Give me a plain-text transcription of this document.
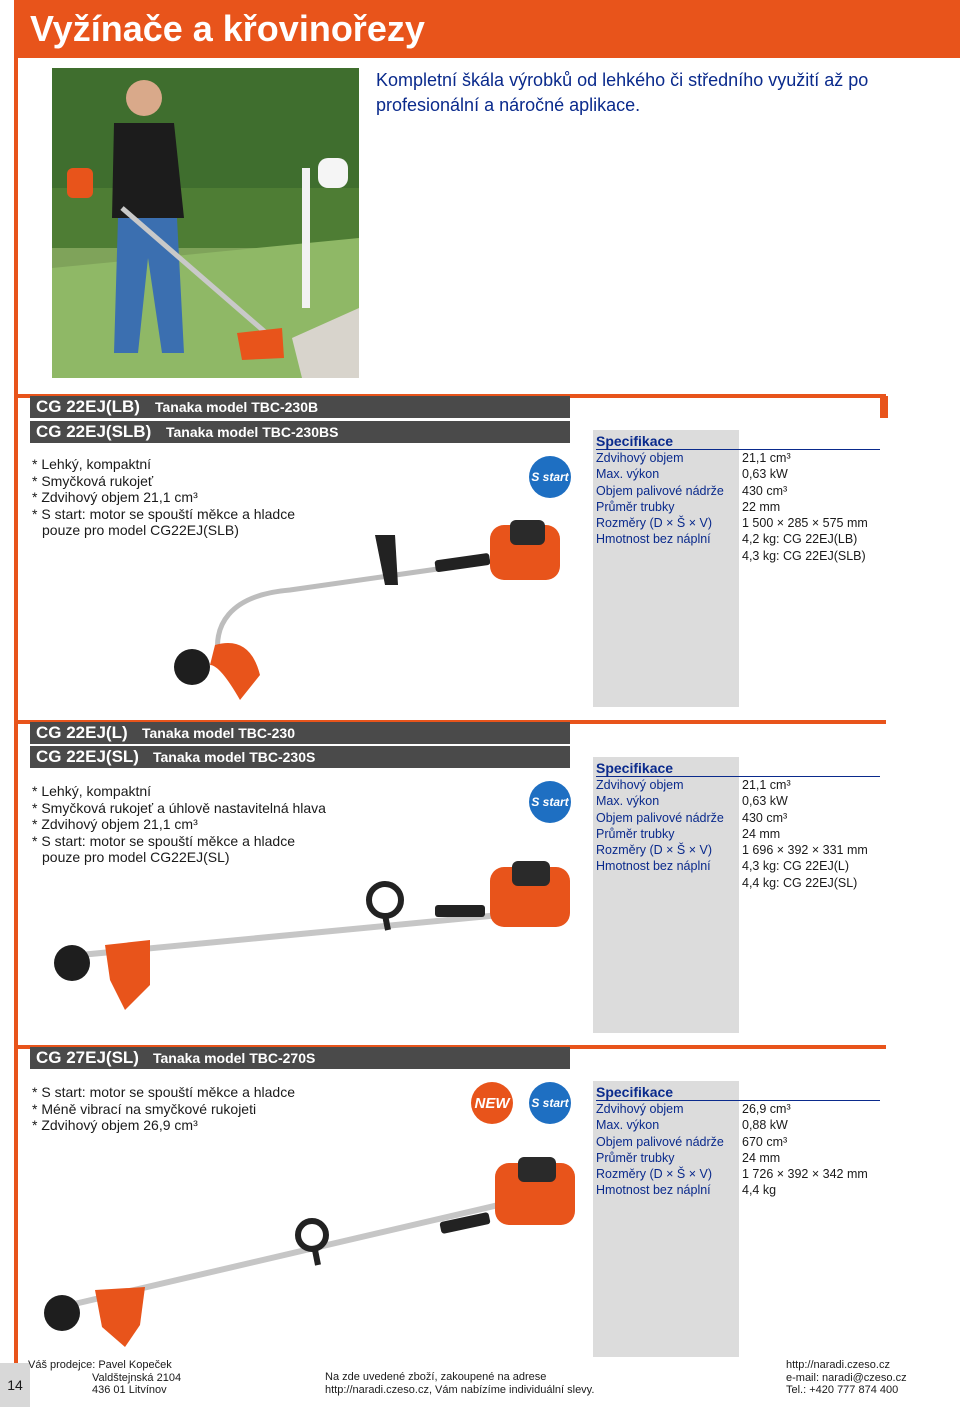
Vyžínače a křovinořezy
Kompletní škála výrobků od lehkého či středního využití až po profesionální a náročné aplikace.
CG 22EJ(LB) Tanaka model TBC-230B
CG 22EJ(SLB) Tanaka model TBC-230BS
* Lehký, kompaktní
* Smyčková rukojeť
* Zdvihový objem 21,1 cm³
* S start: motor se spouští měkce a hladce
pouze pro model CG22EJ(SLB)
S start
Specifikace
Zdvihový objem
Max. výkon
Objem palivové nádrže
Průměr trubky
Rozměry (D × Š × V)
Hmotnost bez náplní
21,1 cm³
0,63 kW
430 cm³
22 mm
1 500 × 285 × 575 mm
4,2 kg: CG 22EJ(LB)
4,3 kg: CG 22EJ(SLB)
CG 22EJ(L) Tanaka model TBC-230
CG 22EJ(SL) Tanaka model TBC-230S
* Lehký, kompaktní
* Smyčková rukojeť a úhlově nastavitelná hlava
* Zdvihový objem 21,1 cm³
* S start: motor se spouští měkce a hladce
pouze pro model CG22EJ(SL)
S start
Specifikace
Zdvihový objem
Max. výkon
Objem palivové nádrže
Průměr trubky
Rozměry (D × Š × V)
Hmotnost bez náplní
21,1 cm³
0,63 kW
430 cm³
24 mm
1 696 × 392 × 331 mm
4,3 kg: CG 22EJ(L)
4,4 kg: CG 22EJ(SL)
CG 27EJ(SL) Tanaka model TBC-270S
* S start: motor se spouští měkce a hladce
* Méně vibrací na smyčkové rukojeti
* Zdvihový objem 26,9 cm³
NEW S start
Specifikace
Zdvihový objem
Max. výkon
Objem palivové nádrže
Průměr trubky
Rozměry (D × Š × V)
Hmotnost bez náplní
26,9 cm³
0,88 kW
670 cm³
24 mm
1 726 × 392 × 342 mm
4,4 kg
14
Váš prodejce: Pavel Kopeček
Valdštejnská 2104
436 01 Litvínov
Na zde uvedené zboží, zakoupené na adrese
http://naradi.czeso.cz, Vám nabízíme individuální slevy.
http://naradi.czeso.cz
e-mail: naradi@czeso.cz
Tel.: +420 777 874 400
